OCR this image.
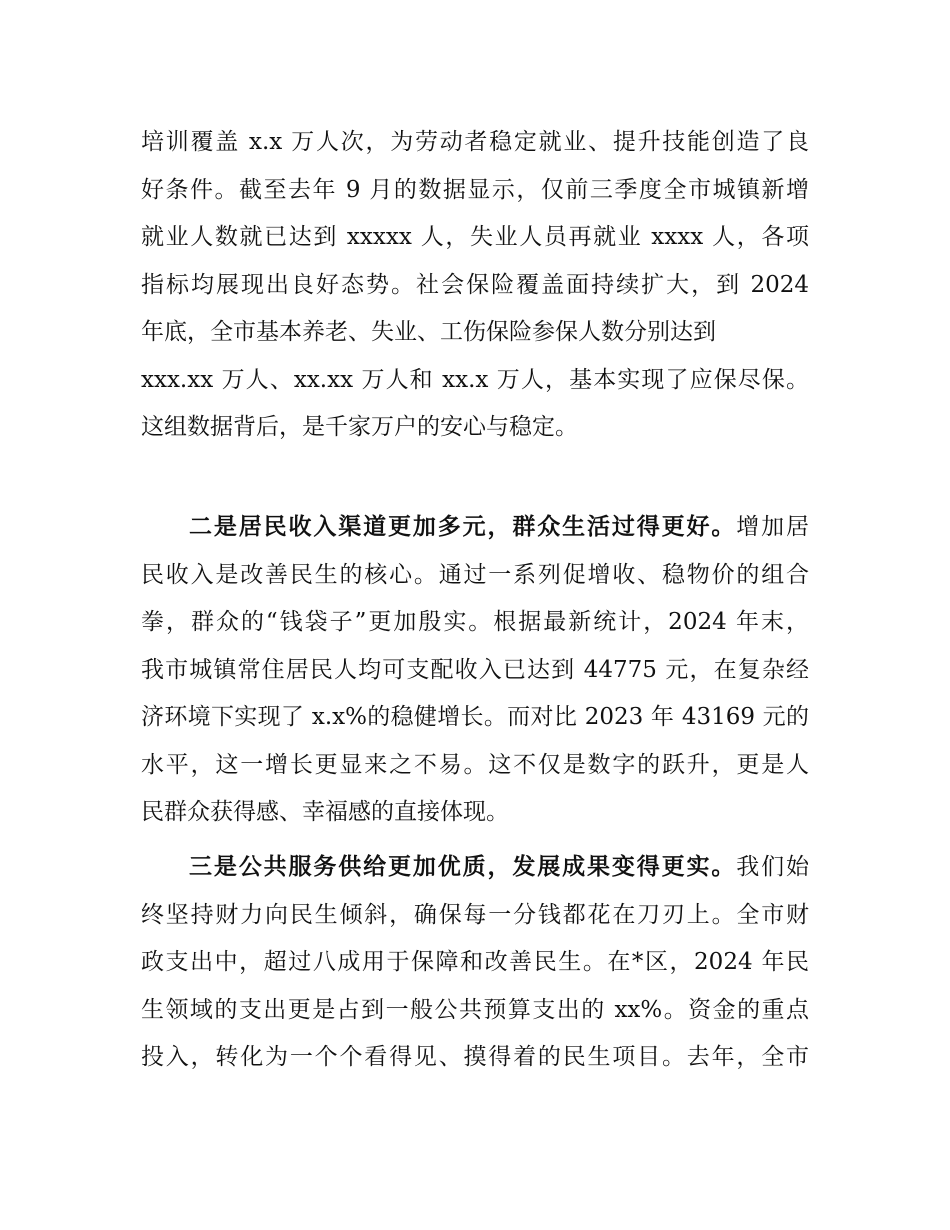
培训覆盖 x.x 万人次，为劳动者稳定就业、提升技能创造了良
好条件。截至去年 9 月的数据显示，仅前三季度全市城镇新增
就业人数就已达到 xxxxx 人，失业人员再就业 xxxx 人，各项
指标均展现出良好态势。社会保险覆盖面持续扩大，到 2024
年底，全市基本养老、失业、工伤保险参保人数分别达到
xxx.xx 万人、xx.xx 万人和 xx.x 万人，基本实现了应保尽保。
这组数据背后，是千家万户的安心与稳定。
二是居民收入渠道更加多元，群众生活过得更好。增加居
民收入是改善民生的核心。通过一系列促增收、稳物价的组合
拳，群众的“钱袋子”更加殷实。根据最新统计，2024 年末，
我市城镇常住居民人均可支配收入已达到 44775 元，在复杂经
济环境下实现了 x.x%的稳健增长。而对比 2023 年 43169 元的
水平，这一增长更显来之不易。这不仅是数字的跃升，更是人
民群众获得感、幸福感的直接体现。
三是公共服务供给更加优质，发展成果变得更实。我们始
终坚持财力向民生倾斜，确保每一分钱都花在刀刃上。全市财
政支出中，超过八成用于保障和改善民生。在*区，2024 年民
生领域的支出更是占到一般公共预算支出的 xx%。资金的重点
投入，转化为一个个看得见、摸得着的民生项目。去年，全市
